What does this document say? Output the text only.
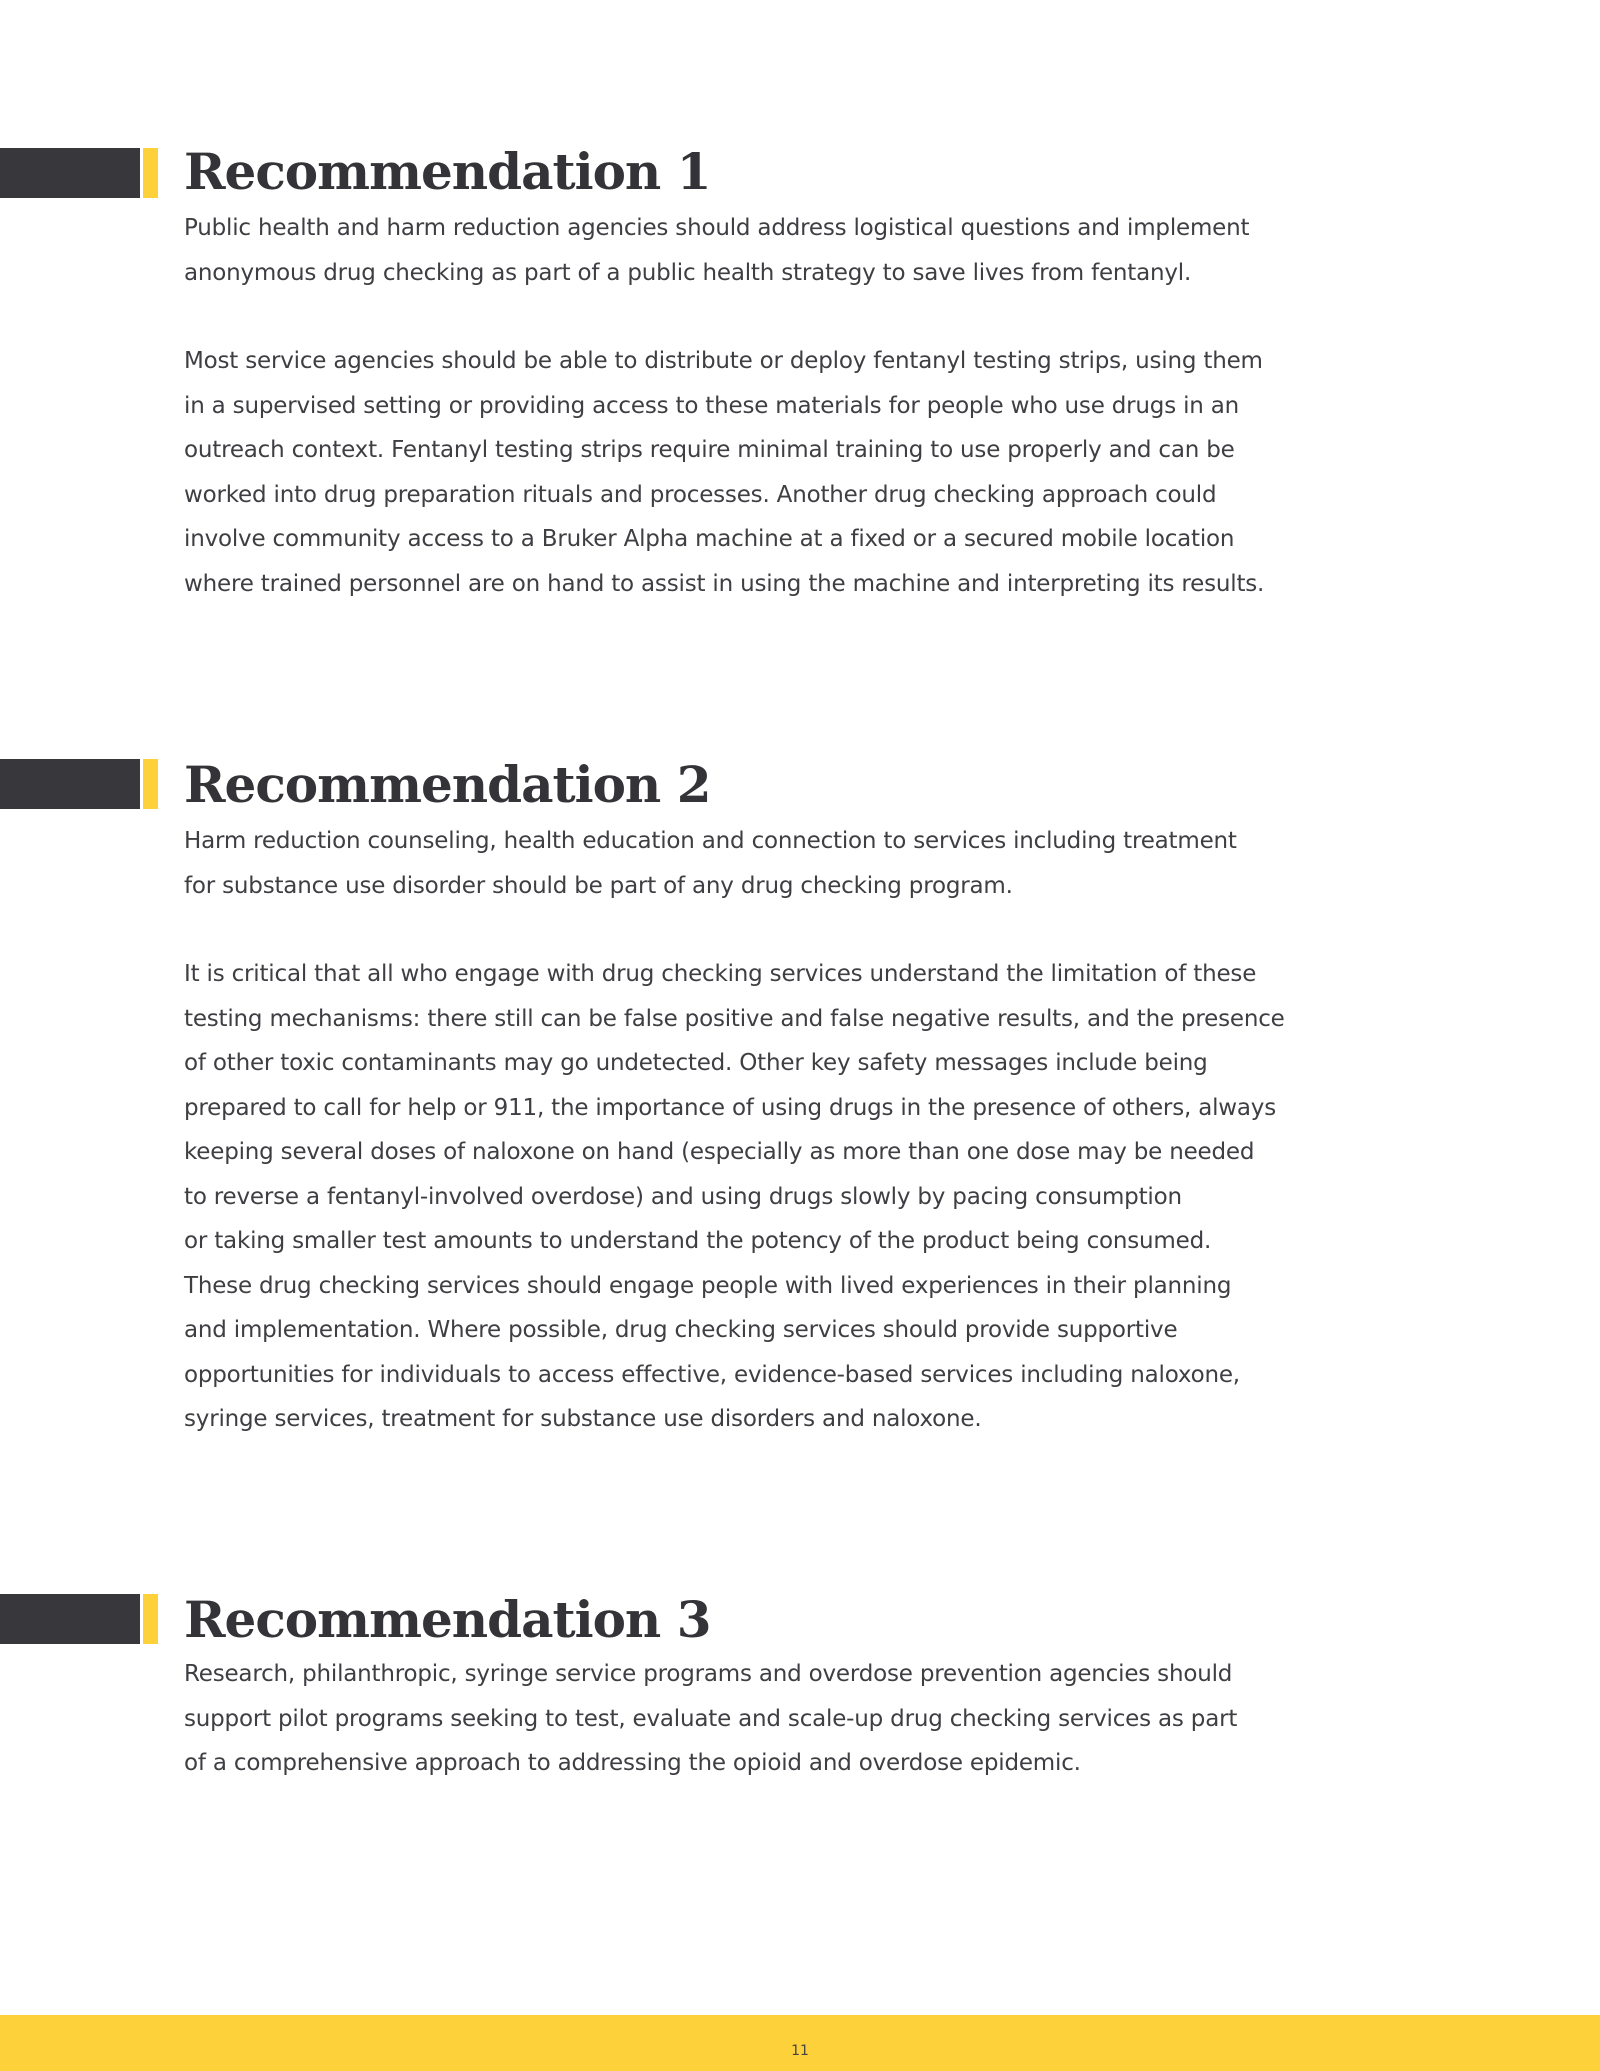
Recommendation 1

Public health and harm reduction agencies should address logistical questions and implement
anonymous drug checking as part of a public health strategy to save lives from fentanyl.

Most service agencies should be able to distribute or deploy fentanyl testing strips, using them
in a supervised setting or providing access to these materials for people who use drugs in an
outreach context. Fentanyl testing strips require minimal training to use properly and can be
worked into drug preparation rituals and processes. Another drug checking approach could
involve community access to a Bruker Alpha machine at a fixed or a secured mobile location
where trained personnel are on hand to assist in using the machine and interpreting its results.

Recommendation 2

Harm reduction counseling, health education and connection to services including treatment
for substance use disorder should be part of any drug checking program.

It is critical that all who engage with drug checking services understand the limitation of these
testing mechanisms: there still can be false positive and false negative results, and the presence
of other toxic contaminants may go undetected. Other key safety messages include being
prepared to call for help or 911, the importance of using drugs in the presence of others, always
keeping several doses of naloxone on hand (especially as more than one dose may be needed
to reverse a fentanyl-involved overdose) and using drugs slowly by pacing consumption
or taking smaller test amounts to understand the potency of the product being consumed.
These drug checking services should engage people with lived experiences in their planning
and implementation. Where possible, drug checking services should provide supportive
opportunities for individuals to access effective, evidence-based services including naloxone,
syringe services, treatment for substance use disorders and naloxone.

Recommendation 3

Research, philanthropic, syringe service programs and overdose prevention agencies should
support pilot programs seeking to test, evaluate and scale-up drug checking services as part
of a comprehensive approach to addressing the opioid and overdose epidemic.

11
